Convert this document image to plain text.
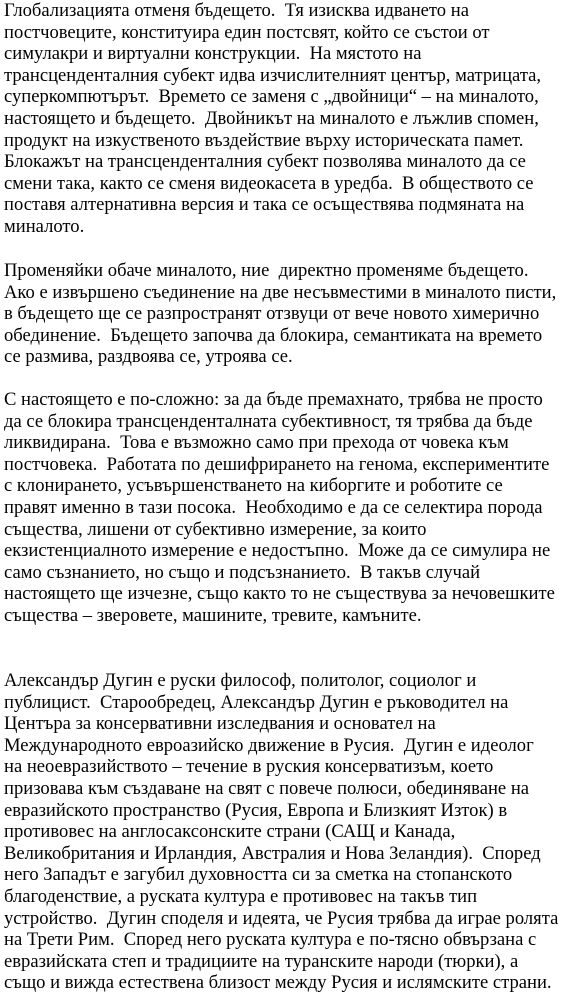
Глобализацията отменя бъдещето.  Тя изисква идването на
постчовеците, конституира един постсвят, който се състои от
симулакри и виртуални конструкции.  На мястото на
трансценденталния субект идва изчислителният център, матрицата,
суперкомпютърът.  Времето се заменя с „двойници“ – на миналото,
настоящето и бъдещето.  Двойникът на миналото е лъжлив спомен,
продукт на изкуственото въздействие върху историческата памет.
Блокажът на трансценденталния субект позволява миналото да се
смени така, както се сменя видеокасета в уредба.  В обществото се
поставя алтернативна версия и така се осъществява подмяната на
миналото.

Променяйки обаче миналото, ние  директно променяме бъдещето.
Ако е извършено съединение на две несъвместими в миналото писти,
в бъдещето ще се разпространят отзвуци от вече новото химерично
обединение.  Бъдещето започва да блокира, семантиката на времето
се размива, раздвоява се, утроява се.

С настоящето е по-сложно: за да бъде премахнато, трябва не просто
да се блокира трансценденталната субективност, тя трябва да бъде
ликвидирана.  Това е възможно само при прехода от човека към
постчовека.  Работата по дешифрирането на генома, експериментите
с клонирането, усъвършенстването на киборгите и роботите се
правят именно в тази посока.  Необходимо е да се селектира порода
същества, лишени от субективно измерение, за които
екзистенциалното измерение е недостъпно.  Може да се симулира не
само съзнанието, но също и подсъзнанието.  В такъв случай
настоящето ще изчезне, също както то не съществува за нечовешките
същества – зверовете, машините, тревите, камъните.

Александър Дугин е руски философ, политолог, социолог и
публицист.  Старообредец, Александър Дугин е ръководител на
Центъра за консервативни изследвания и основател на
Международното евроазийско движение в Русия.  Дугин е идеолог
на неоевразийството – течение в руския консерватизъм, което
призовава към създаване на свят с повече полюси, обединяване на
евразийското пространство (Русия, Европа и Близкият Изток) в
противовес на англосаксонските страни (САЩ и Канада,
Великобритания и Ирландия, Австралия и Нова Зеландия).  Според
него Западът е загубил духовността си за сметка на стопанското
благоденствие, а руската култура е противовес на такъв тип
устройство.  Дугин споделя и идеята, че Русия трябва да играе ролята
на Трети Рим.  Според него руската култура е по-тясно обвързана с
евразийската степ и традициите на туранските народи (тюрки), а
също и вижда естествена близост между Русия и ислямските страни.
